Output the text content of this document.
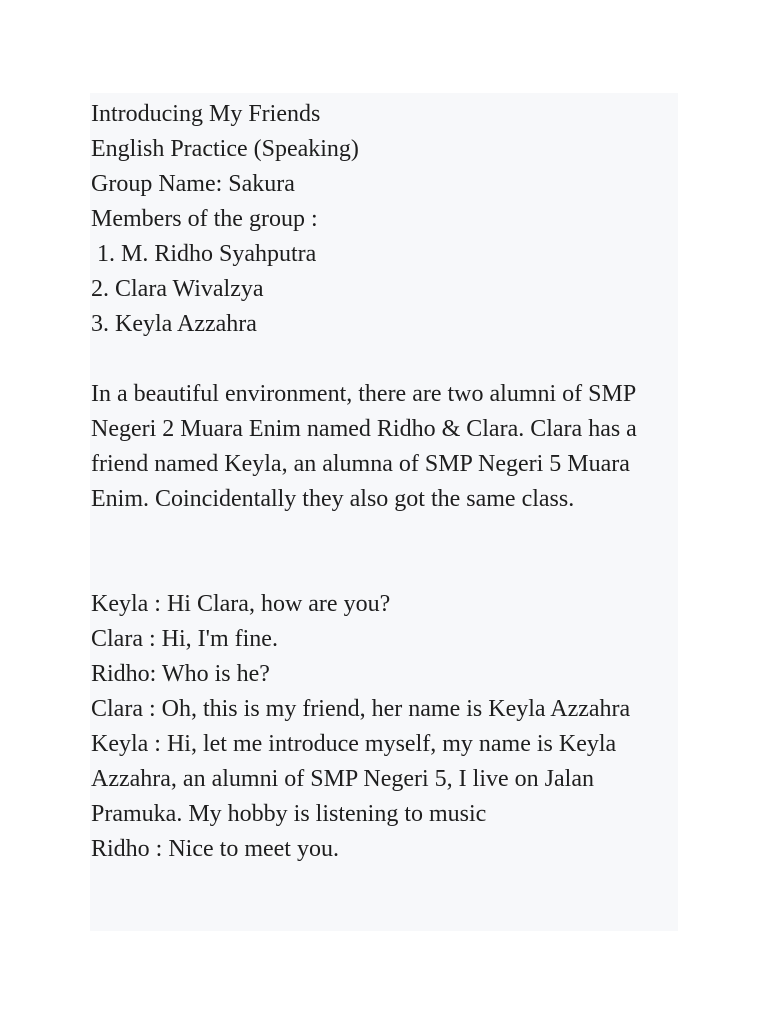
Introducing My Friends
English Practice (Speaking)
Group Name: Sakura
Members of the group :
1. M. Ridho Syahputra
2. Clara Wivalzya
3. Keyla Azzahra

In a beautiful environment, there are two alumni of SMP Negeri 2 Muara Enim named Ridho & Clara. Clara has a friend named Keyla, an alumna of SMP Negeri 5 Muara Enim. Coincidentally they also got the same class.

Keyla : Hi Clara, how are you?

Clara : Hi, I'm fine.

Ridho: Who is he?

Clara : Oh, this is my friend, her name is Keyla Azzahra

Keyla : Hi, let me introduce myself, my name is Keyla Azzahra, an alumni of SMP Negeri 5, I live on Jalan Pramuka. My hobby is listening to music

Ridho : Nice to meet you.
